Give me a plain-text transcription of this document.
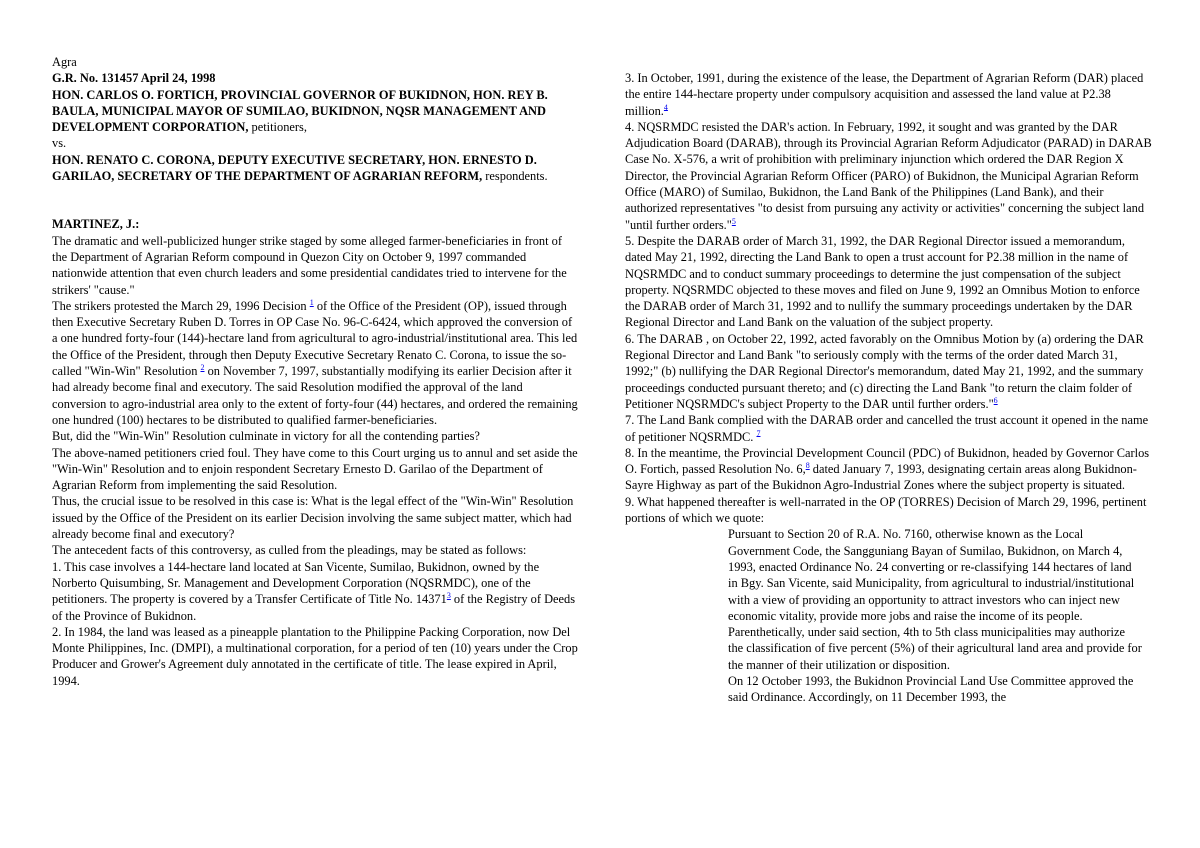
Agra

G.R. No. 131457 April 24, 1998

HON. CARLOS O. FORTICH, PROVINCIAL GOVERNOR OF BUKIDNON, HON. REY B. BAULA, MUNICIPAL MAYOR OF SUMILAO, BUKIDNON, NQSR MANAGEMENT AND DEVELOPMENT CORPORATION, petitioners,

vs.

HON. RENATO C. CORONA, DEPUTY EXECUTIVE SECRETARY, HON. ERNESTO D. GARILAO, SECRETARY OF THE DEPARTMENT OF AGRARIAN REFORM, respondents.

MARTINEZ, J.:

The dramatic and well-publicized hunger strike staged by some alleged farmer-beneficiaries in front of the Department of Agrarian Reform compound in Quezon City on October 9, 1997 commanded nationwide attention that even church leaders and some presidential candidates tried to intervene for the strikers' "cause."

The strikers protested the March 29, 1996 Decision $^1$ of the Office of the President (OP), issued through then Executive Secretary Ruben D. Torres in OP Case No. 96-C-6424, which approved the conversion of a one hundred forty-four (144)-hectare land from agricultural to agro-industrial/institutional area. This led the Office of the President, through then Deputy Executive Secretary Renato C. Corona, to issue the so-called "Win-Win" Resolution $^2$ on November 7, 1997, substantially modifying its earlier Decision after it had already become final and executory. The said Resolution modified the approval of the land conversion to agro-industrial area only to the extent of forty-four (44) hectares, and ordered the remaining one hundred (100) hectares to be distributed to qualified farmer-beneficiaries.

But, did the "Win-Win" Resolution culminate in victory for all the contending parties?

The above-named petitioners cried foul. They have come to this Court urging us to annul and set aside the "Win-Win" Resolution and to enjoin respondent Secretary Ernesto D. Garilao of the Department of Agrarian Reform from implementing the said Resolution.

Thus, the crucial issue to be resolved in this case is: What is the legal effect of the "Win-Win" Resolution issued by the Office of the President on its earlier Decision involving the same subject matter, which had already become final and executory?

The antecedent facts of this controversy, as culled from the pleadings, may be stated as follows:

1. This case involves a 144-hectare land located at San Vicente, Sumilao, Bukidnon, owned by the Norberto Quisumbing, Sr. Management and Development Corporation (NQSRMDC), one of the petitioners. The property is covered by a Transfer Certificate of Title No. 14371$^3$ of the Registry of Deeds of the Province of Bukidnon.

2. In 1984, the land was leased as a pineapple plantation to the Philippine Packing Corporation, now Del Monte Philippines, Inc. (DMPI), a multinational corporation, for a period of ten (10) years under the Crop Producer and Grower's Agreement duly annotated in the certificate of title. The lease expired in April, 1994.

3. In October, 1991, during the existence of the lease, the Department of Agrarian Reform (DAR) placed the entire 144-hectare property under compulsory acquisition and assessed the land value at P2.38 million.$^4$

4. NQSRMDC resisted the DAR's action. In February, 1992, it sought and was granted by the DAR Adjudication Board (DARAB), through its Provincial Agrarian Reform Adjudicator (PARAD) in DARAB Case No. X-576, a writ of prohibition with preliminary injunction which ordered the DAR Region X Director, the Provincial Agrarian Reform Officer (PARO) of Bukidnon, the Municipal Agrarian Reform Office (MARO) of Sumilao, Bukidnon, the Land Bank of the Philippines (Land Bank), and their authorized representatives "to desist from pursuing any activity or activities" concerning the subject land "until further orders."$^5$

5. Despite the DARAB order of March 31, 1992, the DAR Regional Director issued a memorandum, dated May 21, 1992, directing the Land Bank to open a trust account for P2.38 million in the name of NQSRMDC and to conduct summary proceedings to determine the just compensation of the subject property. NQSRMDC objected to these moves and filed on June 9, 1992 an Omnibus Motion to enforce the DARAB order of March 31, 1992 and to nullify the summary proceedings undertaken by the DAR Regional Director and Land Bank on the valuation of the subject property.

6. The DARAB , on October 22, 1992, acted favorably on the Omnibus Motion by (a) ordering the DAR Regional Director and Land Bank "to seriously comply with the terms of the order dated March 31, 1992;" (b) nullifying the DAR Regional Director's memorandum, dated May 21, 1992, and the summary proceedings conducted pursuant thereto; and (c) directing the Land Bank "to return the claim folder of Petitioner NQSRMDC's subject Property to the DAR until further orders."$^6$

7. The Land Bank complied with the DARAB order and cancelled the trust account it opened in the name of petitioner NQSRMDC. $^7$

8. In the meantime, the Provincial Development Council (PDC) of Bukidnon, headed by Governor Carlos O. Fortich, passed Resolution No. 6,$^8$ dated January 7, 1993, designating certain areas along Bukidnon-Sayre Highway as part of the Bukidnon Agro-Industrial Zones where the subject property is situated.

9. What happened thereafter is well-narrated in the OP (TORRES) Decision of March 29, 1996, pertinent portions of which we quote:

Pursuant to Section 20 of R.A. No. 7160, otherwise known as the Local Government Code, the Sangguniang Bayan of Sumilao, Bukidnon, on March 4, 1993, enacted Ordinance No. 24 converting or re-classifying 144 hectares of land in Bgy. San Vicente, said Municipality, from agricultural to industrial/institutional with a view of providing an opportunity to attract investors who can inject new economic vitality, provide more jobs and raise the income of its people.

Parenthetically, under said section, 4th to 5th class municipalities may authorize the classification of five percent (5%) of their agricultural land area and provide for the manner of their utilization or disposition.

On 12 October 1993, the Bukidnon Provincial Land Use Committee approved the said Ordinance. Accordingly, on 11 December 1993, the
